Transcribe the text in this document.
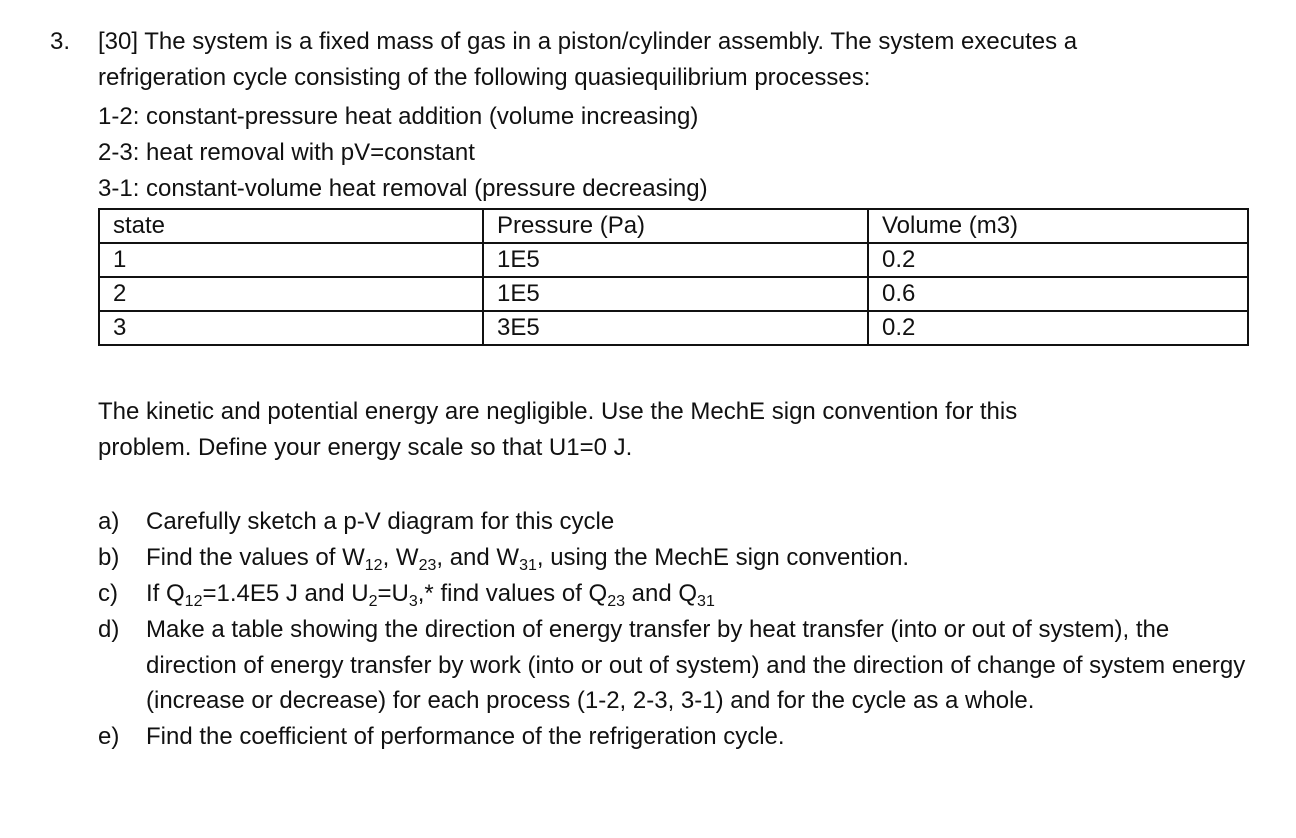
3. [30] The system is a fixed mass of gas in a piston/cylinder assembly. The system executes a
refrigeration cycle consisting of the following quasiequilibrium processes:
1-2: constant-pressure heat addition (volume increasing)
2-3: heat removal with pV=constant
3-1: constant-volume heat removal (pressure decreasing)
state	Pressure (Pa)	Volume (m3)
1	1E5	0.2
2	1E5	0.6
3	3E5	0.2
The kinetic and potential energy are negligible. Use the MechE sign convention for this
problem. Define your energy scale so that U1=0 J.
a) Carefully sketch a p-V diagram for this cycle
b) Find the values of $W_{12}$, $W_{23}$, and $W_{31}$, using the MechE sign convention.
c) If $Q_{12}=1.4E5$ J and $U_2=U_3,*$ find values of $Q_{23}$ and $Q_{31}$
d) Make a table showing the direction of energy transfer by heat transfer (into or out of system), the direction of energy transfer by work (into or out of system) and the direction of change of system energy (increase or decrease) for each process (1-2, 2-3, 3-1) and for the cycle as a whole.
e) Find the coefficient of performance of the refrigeration cycle.
